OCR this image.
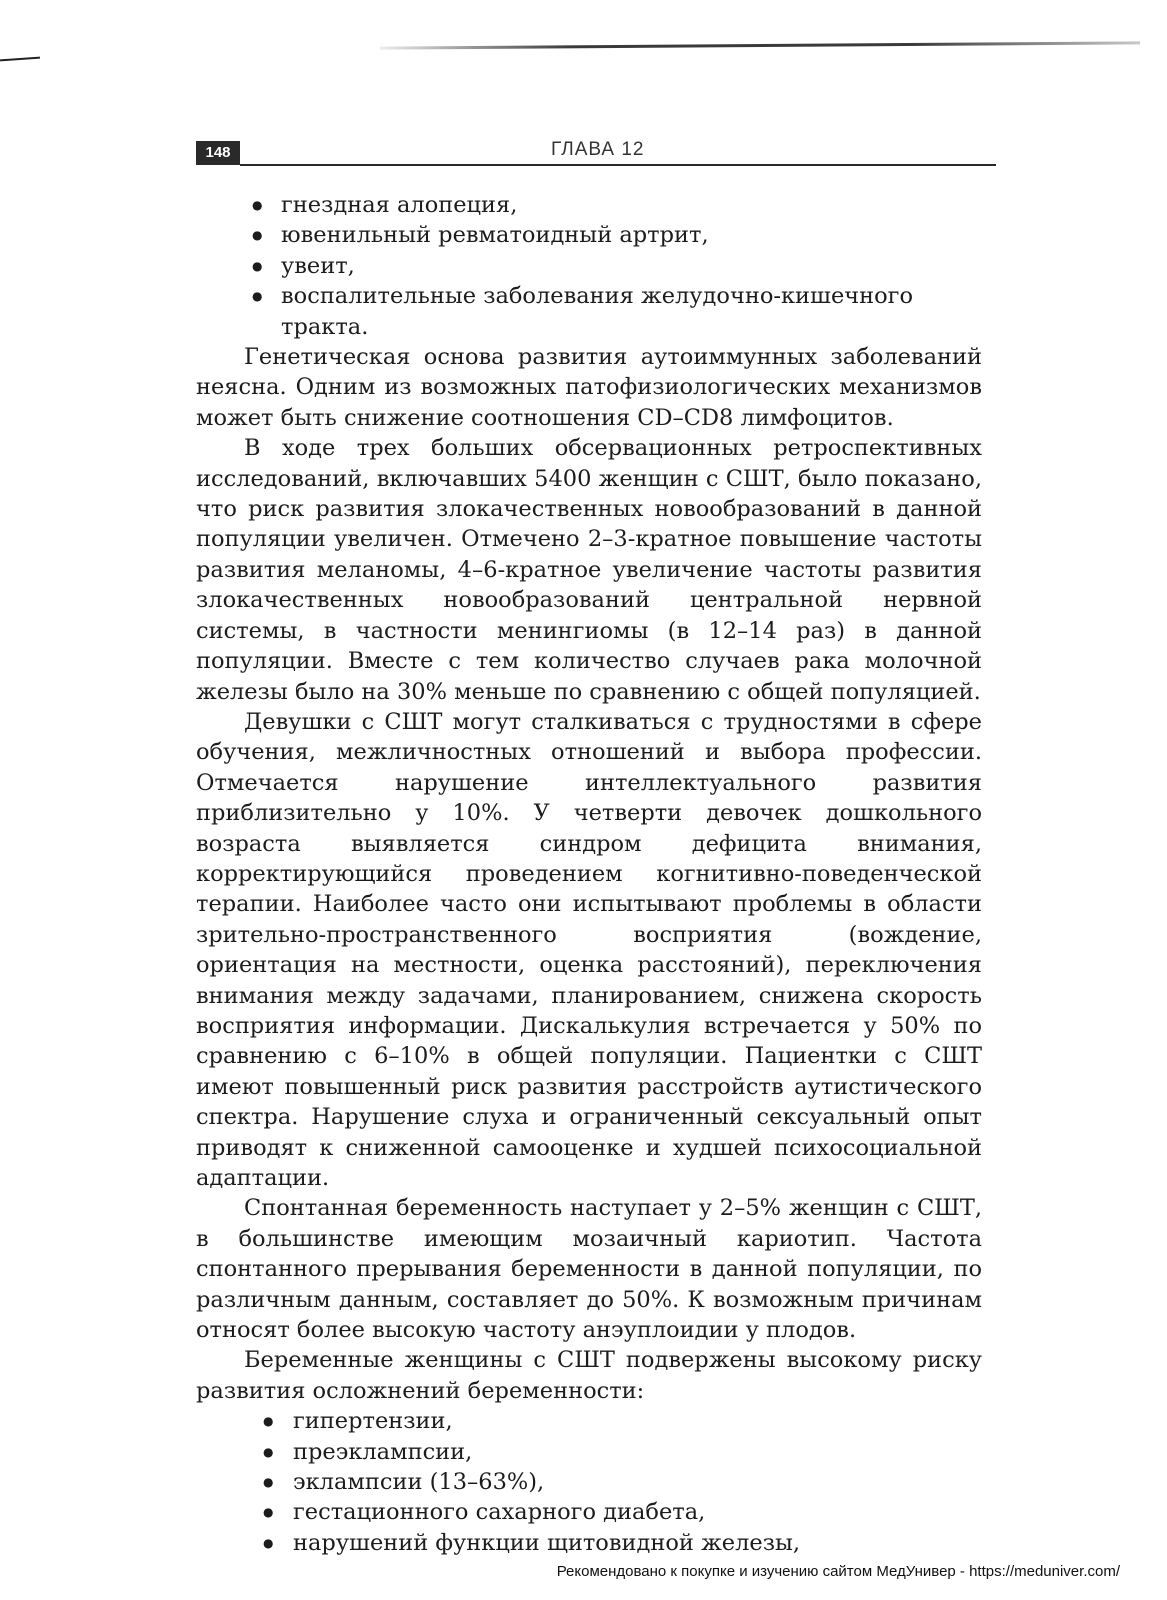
148	ГЛАВА 12
● гнездная алопеция,
● ювенильный ревматоидный артрит,
● увеит,
● воспалительные заболевания желудочно-кишечного тракта.

Генетическая основа развития аутоиммунных заболеваний неясна. Одним из возможных патофизиологических механизмов может быть снижение соотношения CD–CD8 лимфоцитов.

В ходе трех больших обсервационных ретроспективных исследований, включавших 5400 женщин с СШТ, было показано, что риск развития злокачественных новообразований в данной популяции увеличен. Отмечено 2–3-кратное повышение частоты развития меланомы, 4–6-кратное увеличение частоты развития злокачественных новообразований центральной нервной системы, в частности менингиомы (в 12–14 раз) в данной популяции. Вместе с тем количество случаев рака молочной железы было на 30% меньше по сравнению с общей популяцией.

Девушки с СШТ могут сталкиваться с трудностями в сфере обучения, межличностных отношений и выбора профессии. Отмечается нарушение интеллектуального развития приблизительно у 10%. У четверти девочек дошкольного возраста выявляется синдром дефицита внимания, корректирующийся проведением когнитивно-поведенческой терапии. Наиболее часто они испытывают проблемы в области зрительно-пространственного восприятия (вождение, ориентация на местности, оценка расстояний), переключения внимания между задачами, планированием, снижена скорость восприятия информации. Дискалькулия встречается у 50% по сравнению с 6–10% в общей популяции. Пациентки с СШТ имеют повышенный риск развития расстройств аутистического спектра. Нарушение слуха и ограниченный сексуальный опыт приводят к сниженной самооценке и худшей психосоциальной адаптации.

Спонтанная беременность наступает у 2–5% женщин с СШТ, в большинстве имеющим мозаичный кариотип. Частота спонтанного прерывания беременности в данной популяции, по различным данным, составляет до 50%. К возможным причинам относят более высокую частоту анэуплоидии у плодов.

Беременные женщины с СШТ подвержены высокому риску развития осложнений беременности:

● гипертензии,
● преэклампсии,
● эклампсии (13–63%),
● гестационного сахарного диабета,
● нарушений функции щитовидной железы,
Рекомендовано к покупке и изучению сайтом МедУнивер - https://meduniver.com/
